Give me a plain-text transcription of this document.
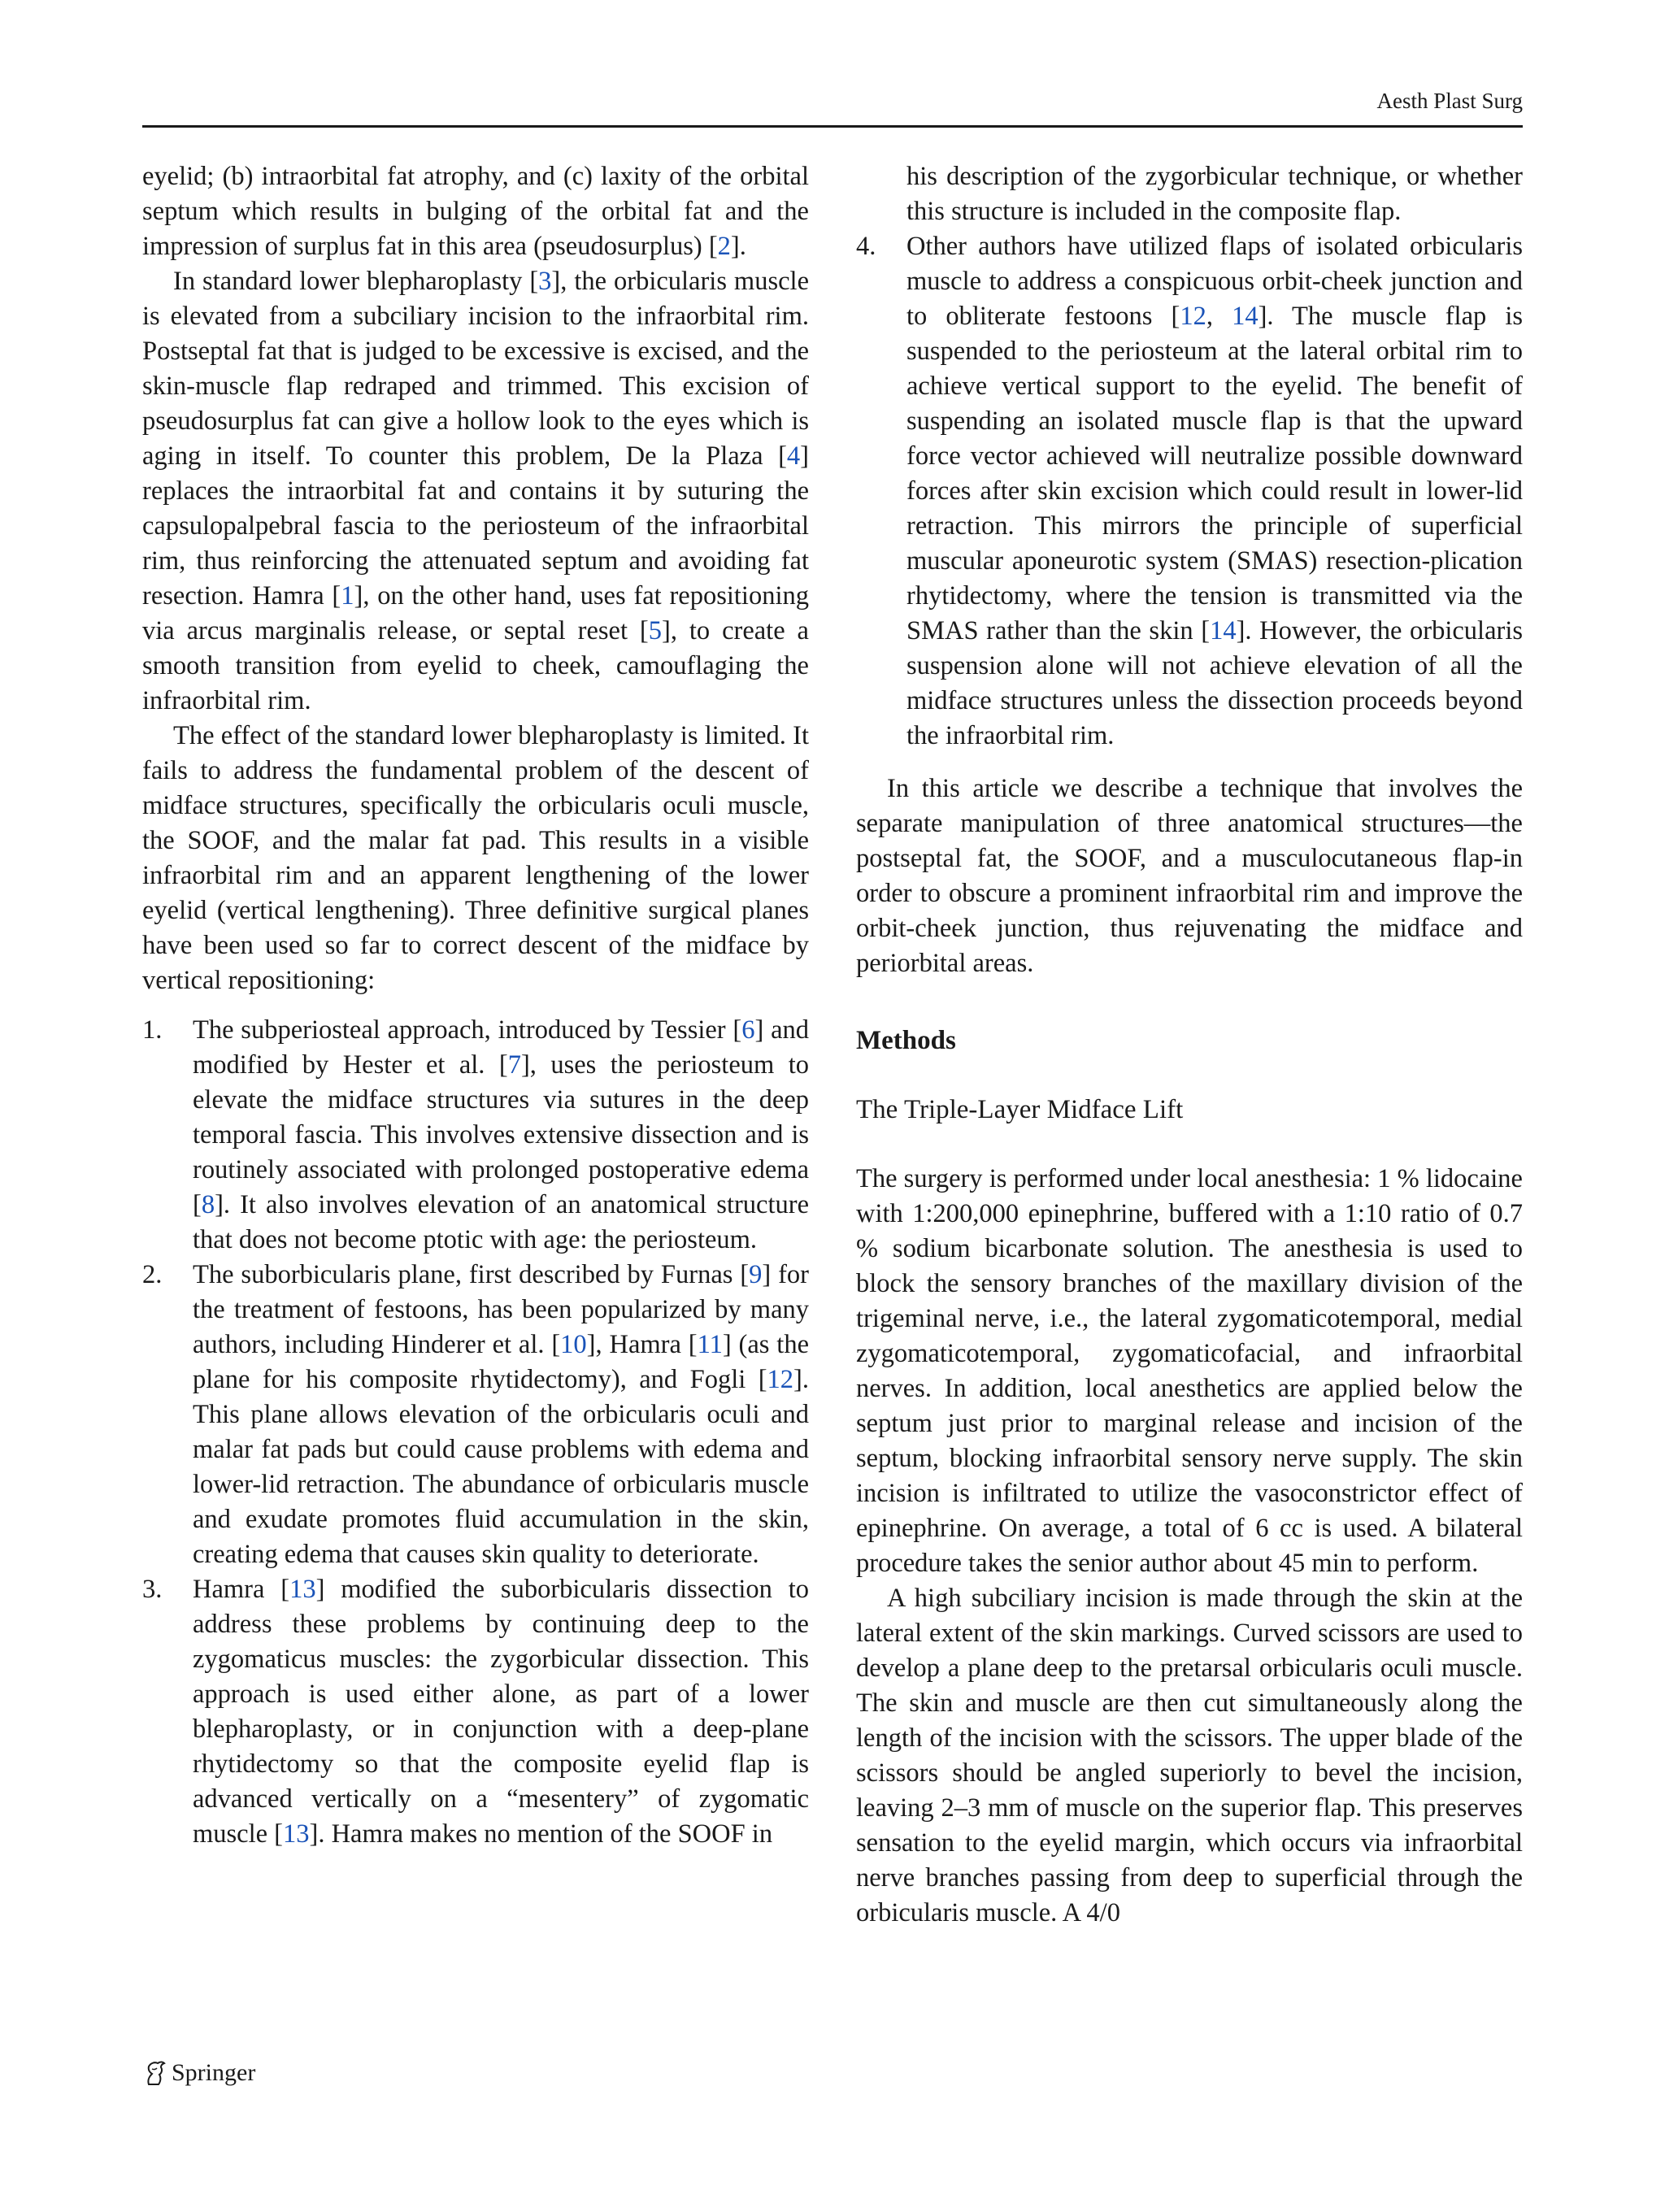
Aesth Plast Surg

eyelid; (b) intraorbital fat atrophy, and (c) laxity of the orbital septum which results in bulging of the orbital fat and the impression of surplus fat in this area (pseudosurplus) [2].

In standard lower blepharoplasty [3], the orbicularis muscle is elevated from a subciliary incision to the infraorbital rim. Postseptal fat that is judged to be excessive is excised, and the skin-muscle flap redraped and trimmed. This excision of pseudosurplus fat can give a hollow look to the eyes which is aging in itself. To counter this problem, De la Plaza [4] replaces the intraorbital fat and contains it by suturing the capsulopalpebral fascia to the periosteum of the infraorbital rim, thus reinforcing the attenuated septum and avoiding fat resection. Hamra [1], on the other hand, uses fat repositioning via arcus marginalis release, or septal reset [5], to create a smooth transition from eyelid to cheek, camouflaging the infraorbital rim.

The effect of the standard lower blepharoplasty is limited. It fails to address the fundamental problem of the descent of midface structures, specifically the orbicularis oculi muscle, the SOOF, and the malar fat pad. This results in a visible infraorbital rim and an apparent lengthening of the lower eyelid (vertical lengthening). Three definitive surgical planes have been used so far to correct descent of the midface by vertical repositioning:

1. The subperiosteal approach, introduced by Tessier [6] and modified by Hester et al. [7], uses the periosteum to elevate the midface structures via sutures in the deep temporal fascia. This involves extensive dissection and is routinely associated with prolonged postoperative edema [8]. It also involves elevation of an anatomical structure that does not become ptotic with age: the periosteum.
2. The suborbicularis plane, first described by Furnas [9] for the treatment of festoons, has been popularized by many authors, including Hinderer et al. [10], Hamra [11] (as the plane for his composite rhytidectomy), and Fogli [12]. This plane allows elevation of the orbicularis oculi and malar fat pads but could cause problems with edema and lower-lid retraction. The abundance of orbicularis muscle and exudate promotes fluid accumulation in the skin, creating edema that causes skin quality to deteriorate.
3. Hamra [13] modified the suborbicularis dissection to address these problems by continuing deep to the zygomaticus muscles: the zygorbicular dissection. This approach is used either alone, as part of a lower blepharoplasty, or in conjunction with a deep-plane rhytidectomy so that the composite eyelid flap is advanced vertically on a “mesentery” of zygomatic muscle [13]. Hamra makes no mention of the SOOF in

his description of the zygorbicular technique, or whether this structure is included in the composite flap.

4. Other authors have utilized flaps of isolated orbicularis muscle to address a conspicuous orbit-cheek junction and to obliterate festoons [12, 14]. The muscle flap is suspended to the periosteum at the lateral orbital rim to achieve vertical support to the eyelid. The benefit of suspending an isolated muscle flap is that the upward force vector achieved will neutralize possible downward forces after skin excision which could result in lower-lid retraction. This mirrors the principle of superficial muscular aponeurotic system (SMAS) resection-plication rhytidectomy, where the tension is transmitted via the SMAS rather than the skin [14]. However, the orbicularis suspension alone will not achieve elevation of all the midface structures unless the dissection proceeds beyond the infraorbital rim.

In this article we describe a technique that involves the separate manipulation of three anatomical structures—the postseptal fat, the SOOF, and a musculocutaneous flap-in order to obscure a prominent infraorbital rim and improve the orbit-cheek junction, thus rejuvenating the midface and periorbital areas.

Methods
The Triple-Layer Midface Lift

The surgery is performed under local anesthesia: 1 % lidocaine with 1:200,000 epinephrine, buffered with a 1:10 ratio of 0.7 % sodium bicarbonate solution. The anesthesia is used to block the sensory branches of the maxillary division of the trigeminal nerve, i.e., the lateral zygomaticotemporal, medial zygomaticotemporal, zygomaticofacial, and infraorbital nerves. In addition, local anesthetics are applied below the septum just prior to marginal release and incision of the septum, blocking infraorbital sensory nerve supply. The skin incision is infiltrated to utilize the vasoconstrictor effect of epinephrine. On average, a total of 6 cc is used. A bilateral procedure takes the senior author about 45 min to perform.

A high subciliary incision is made through the skin at the lateral extent of the skin markings. Curved scissors are used to develop a plane deep to the pretarsal orbicularis oculi muscle. The skin and muscle are then cut simultaneously along the length of the incision with the scissors. The upper blade of the scissors should be angled superiorly to bevel the incision, leaving 2–3 mm of muscle on the superior flap. This preserves sensation to the eyelid margin, which occurs via infraorbital nerve branches passing from deep to superficial through the orbicularis muscle. A 4/0

Springer
